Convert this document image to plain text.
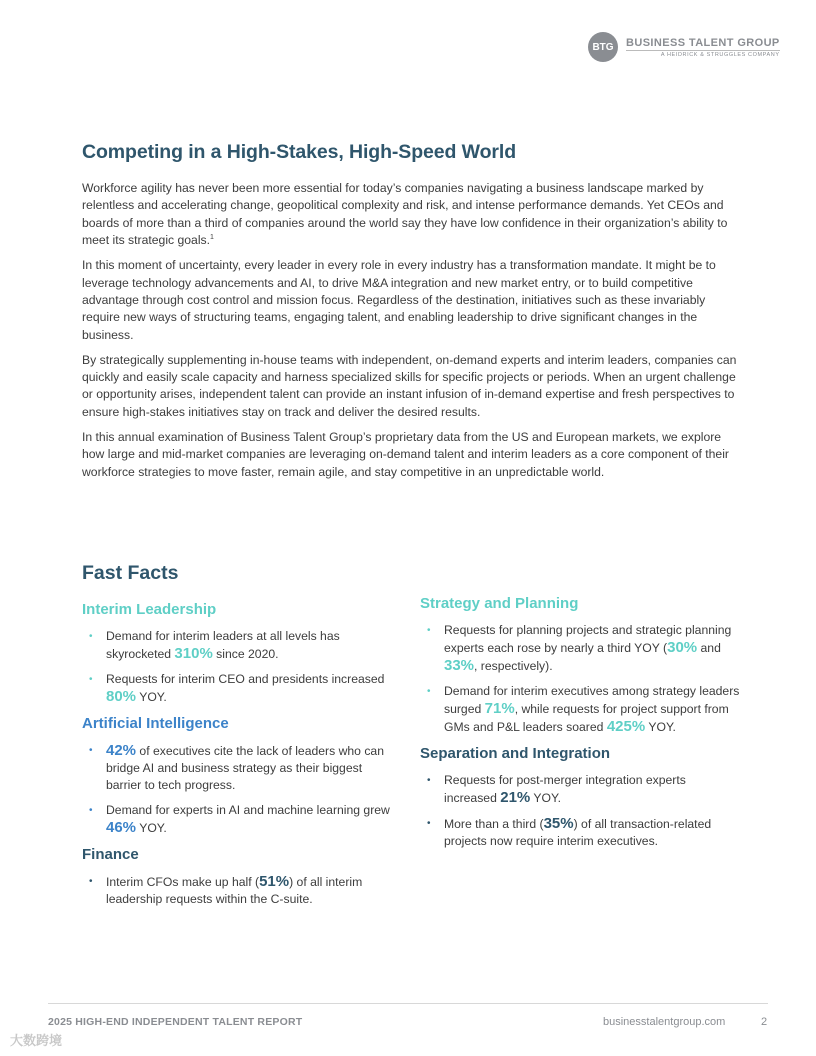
BTG	BUSINESS TALENT GROUP
A HEIDRICK & STRUGGLES COMPANY
Competing in a High-Stakes, High-Speed World

Workforce agility has never been more essential for today’s companies navigating a business landscape marked by relentless and accelerating change, geopolitical complexity and risk, and intense performance demands. Yet CEOs and boards of more than a third of companies around the world say they have low confidence in their organization’s ability to meet its strategic goals.$^1$

In this moment of uncertainty, every leader in every role in every industry has a transformation mandate. It might be to leverage technology advancements and AI, to drive M&A integration and new market entry, or to build competitive advantage through cost control and mission focus. Regardless of the destination, initiatives such as these invariably require new ways of structuring teams, engaging talent, and enabling leadership to drive significant changes in the business.

By strategically supplementing in-house teams with independent, on-demand experts and interim leaders, companies can quickly and easily scale capacity and harness specialized skills for specific projects or periods. When an urgent challenge or opportunity arises, independent talent can provide an instant infusion of in-demand expertise and fresh perspectives to ensure high-stakes initiatives stay on track and deliver the desired results.

In this annual examination of Business Talent Group’s proprietary data from the US and European markets, we explore how large and mid-market companies are leveraging on-demand talent and interim leaders as a core component of their workforce strategies to move faster, remain agile, and stay competitive in an unpredictable world.

Fast Facts
Interim Leadership
• Demand for interim leaders at all levels has skyrocketed 310% since 2020.
• Requests for interim CEO and presidents increased 80% YOY.
Artificial Intelligence
• 42% of executives cite the lack of leaders who can bridge AI and business strategy as their biggest barrier to tech progress.
• Demand for experts in AI and machine learning grew 46% YOY.
Finance
• Interim CFOs make up half (51%) of all interim leadership requests within the C-suite.
Strategy and Planning
• Requests for planning projects and strategic planning experts each rose by nearly a third YOY (30% and 33%, respectively).
• Demand for interim executives among strategy leaders surged 71%, while requests for project support from GMs and P&L leaders soared 425% YOY.
Separation and Integration
• Requests for post-merger integration experts increased 21% YOY.
• More than a third (35%) of all transaction-related projects now require interim executives.
2025 HIGH-END INDEPENDENT TALENT REPORT	businesstalentgroup.com	2
大数跨境
